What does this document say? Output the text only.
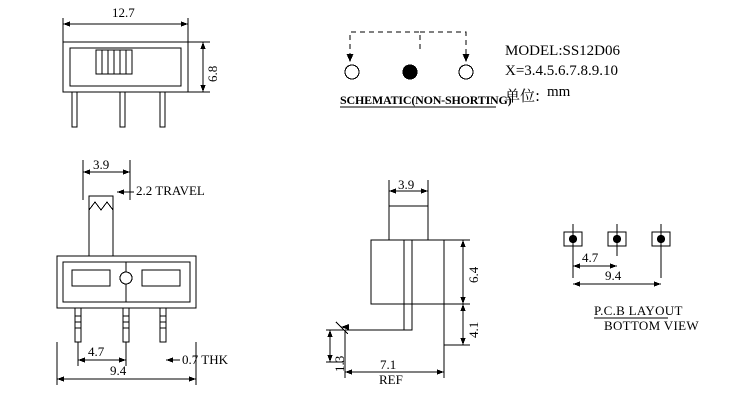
12.7
6.8
SCHEMATIC(NON-SHORTING)
MODEL:SS12D06
X=3.4.5.6.7.8.9.10
单位: mm
3.9
2.2 TRAVEL
4.7
0.7 THK
9.4
3.9
6.4
4.1
1.3	7.1
REF
4.7
9.4
P.C.B LAYOUT
BOTTOM VIEW
